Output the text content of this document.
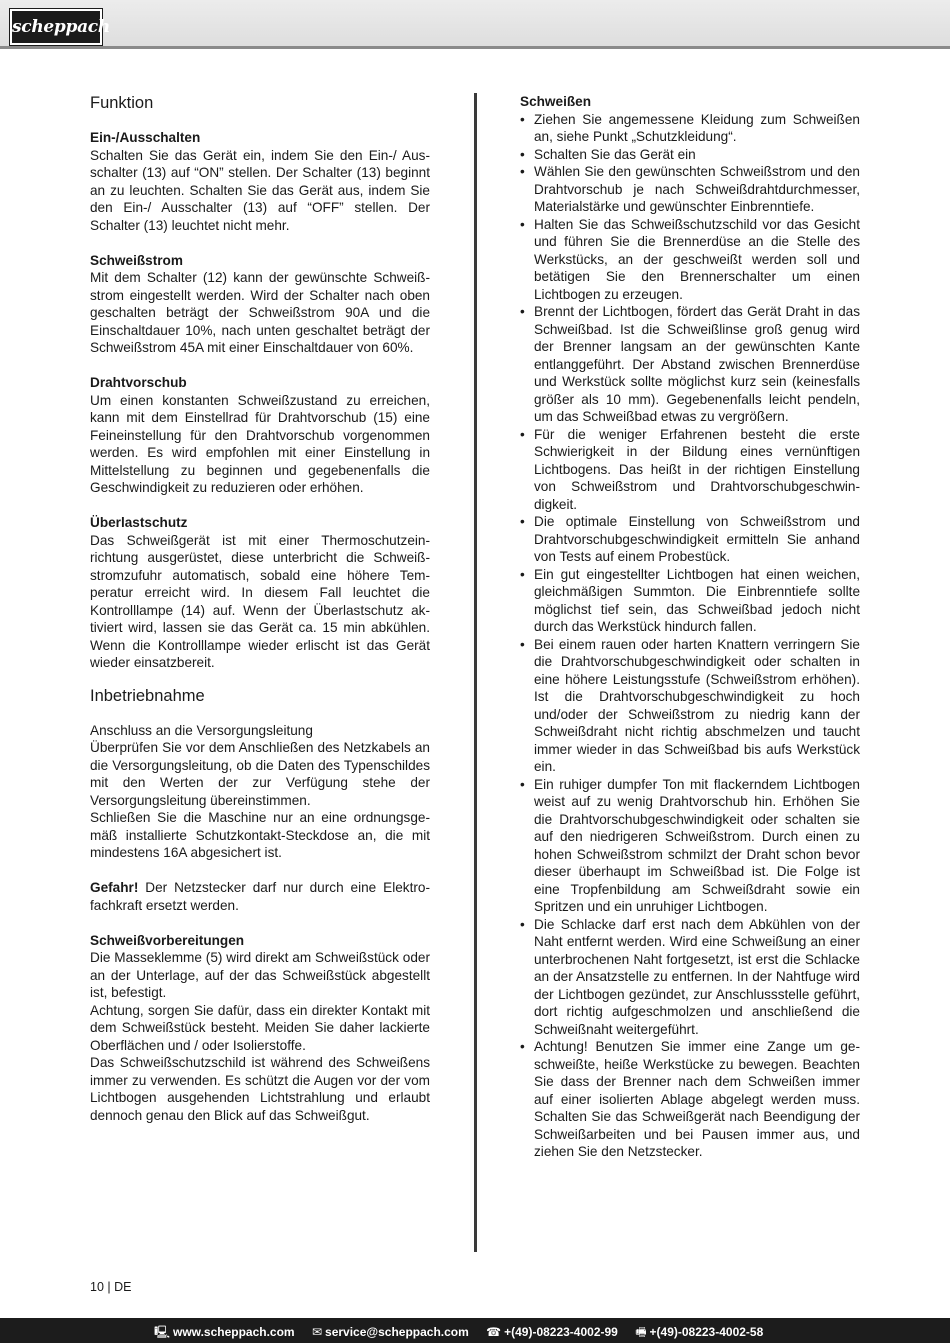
scheppach
Funktion
Ein-/Ausschalten

Schalten Sie das Gerät ein, indem Sie den Ein-/ Ausschalter (13) auf “ON” stellen. Der Schalter (13) beginnt an zu leuchten. Schalten Sie das Gerät aus, indem Sie den Ein-/ Ausschalter (13) auf “OFF” stellen. Der Schalter (13) leuchtet nicht mehr.

Schweißstrom

Mit dem Schalter (12) kann der gewünschte Schweißstrom eingestellt werden. Wird der Schalter nach oben geschalten beträgt der Schweißstrom 90A und die Einschaltdauer 10%, nach unten geschaltet beträgt der Schweißstrom 45A mit einer Einschaltdauer von 60%.

Drahtvorschub

Um einen konstanten Schweißzustand zu erreichen, kann mit dem Einstellrad für Drahtvorschub (15) eine Feineinstellung für den Drahtvorschub vorgenommen werden. Es wird empfohlen mit einer Einstellung in Mittelstellung zu beginnen und gegebenenfalls die Geschwindigkeit zu reduzieren oder erhöhen.

Überlastschutz

Das Schweißgerät ist mit einer Thermoschutzeinrichtung ausgerüstet, diese unterbricht die Schweißstromzufuhr automatisch, sobald eine höhere Temperatur erreicht wird. In diesem Fall leuchtet die Kontrolllampe (14) auf. Wenn der Überlastschutz aktiviert wird, lassen sie das Gerät ca. 15 min abkühlen. Wenn die Kontrolllampe wieder erlischt ist das Gerät wieder einsatzbereit.

Inbetriebnahme

Anschluss an die Versorgungsleitung

Überprüfen Sie vor dem Anschließen des Netzkabels an die Versorgungsleitung, ob die Daten des Typenschildes mit den Werten der zur Verfügung stehe der Versorgungsleitung übereinstimmen.

Schließen Sie die Maschine nur an eine ordnungsgemäß installierte Schutzkontakt-Steckdose an, die mit mindestens 16A abgesichert ist.

Gefahr! Der Netzstecker darf nur durch eine Elektrofachkraft ersetzt werden.

Schweißvorbereitungen

Die Masseklemme (5) wird direkt am Schweißstück oder an der Unterlage, auf der das Schweißstück abgestellt ist, befestigt.

Achtung, sorgen Sie dafür, dass ein direkter Kontakt mit dem Schweißstück besteht. Meiden Sie daher lackierte Oberflächen und / oder Isolierstoffe.

Das Schweißschutzschild ist während des Schweißens immer zu verwenden. Es schützt die Augen vor der vom Lichtbogen ausgehenden Lichtstrahlung und erlaubt dennoch genau den Blick auf das Schweißgut.

Schweißen
• Ziehen Sie angemessene Kleidung zum Schweißen an, siehe Punkt „Schutzkleidung“.
• Schalten Sie das Gerät ein
• Wählen Sie den gewünschten Schweißstrom und den Drahtvorschub je nach Schweißdrahtdurchmesser, Materialstärke und gewünschter Einbrenntiefe.
• Halten Sie das Schweißschutzschild vor das Gesicht und führen Sie die Brennerdüse an die Stelle des Werkstücks, an der geschweißt werden soll und betätigen Sie den Brennerschalter um einen Lichtbogen zu erzeugen.
• Brennt der Lichtbogen, fördert das Gerät Draht in das Schweißbad. Ist die Schweißlinse groß genug wird der Brenner langsam an der gewünschten Kante entlanggeführt. Der Abstand zwischen Brennerdüse und Werkstück sollte möglichst kurz sein (keinesfalls größer als 10 mm). Gegebenenfalls leicht pendeln, um das Schweißbad etwas zu vergrößern.
• Für die weniger Erfahrenen besteht die erste Schwierigkeit in der Bildung eines vernünftigen Lichtbogens. Das heißt in der richtigen Einstellung von Schweißstrom und Drahtvorschubgeschwindigkeit.
• Die optimale Einstellung von Schweißstrom und Drahtvorschubgeschwindigkeit ermitteln Sie anhand von Tests auf einem Probestück.
• Ein gut eingestellter Lichtbogen hat einen weichen, gleichmäßigen Summton. Die Einbrenntiefe sollte möglichst tief sein, das Schweißbad jedoch nicht durch das Werkstück hindurch fallen.
• Bei einem rauen oder harten Knattern verringern Sie die Drahtvorschubgeschwindigkeit oder schalten in eine höhere Leistungsstufe (Schweißstrom erhöhen). Ist die Drahtvorschubgeschwindigkeit zu hoch und/oder der Schweißstrom zu niedrig kann der Schweißdraht nicht richtig abschmelzen und taucht immer wieder in das Schweißbad bis aufs Werkstück ein.
• Ein ruhiger dumpfer Ton mit flackerndem Lichtbogen weist auf zu wenig Drahtvorschub hin. Erhöhen Sie die Drahtvorschubgeschwindigkeit oder schalten sie auf den niedrigeren Schweißstrom. Durch einen zu hohen Schweißstrom schmilzt der Draht schon bevor dieser überhaupt im Schweißbad ist. Die Folge ist eine Tropfenbildung am Schweißdraht sowie ein Spritzen und ein unruhiger Lichtbogen.
• Die Schlacke darf erst nach dem Abkühlen von der Naht entfernt werden. Wird eine Schweißung an einer unterbrochenen Naht fortgesetzt, ist erst die Schlacke an der Ansatzstelle zu entfernen. In der Nahtfuge wird der Lichtbogen gezündet, zur Anschlussstelle geführt, dort richtig aufgeschmolzen und anschließend die Schweißnaht weitergeführt.
• Achtung! Benutzen Sie immer eine Zange um geschweißte, heiße Werkstücke zu bewegen. Beachten Sie dass der Brenner nach dem Schweißen immer auf einer isolierten Ablage abgelegt werden muss. Schalten Sie das Schweißgerät nach Beendigung der Schweißarbeiten und bei Pausen immer aus, und ziehen Sie den Netzstecker.
10 | DE
🖳 www.scheppach.com ✉ service@scheppach.com ☎ +(49)-08223-4002-99 🖷 +(49)-08223-4002-58
